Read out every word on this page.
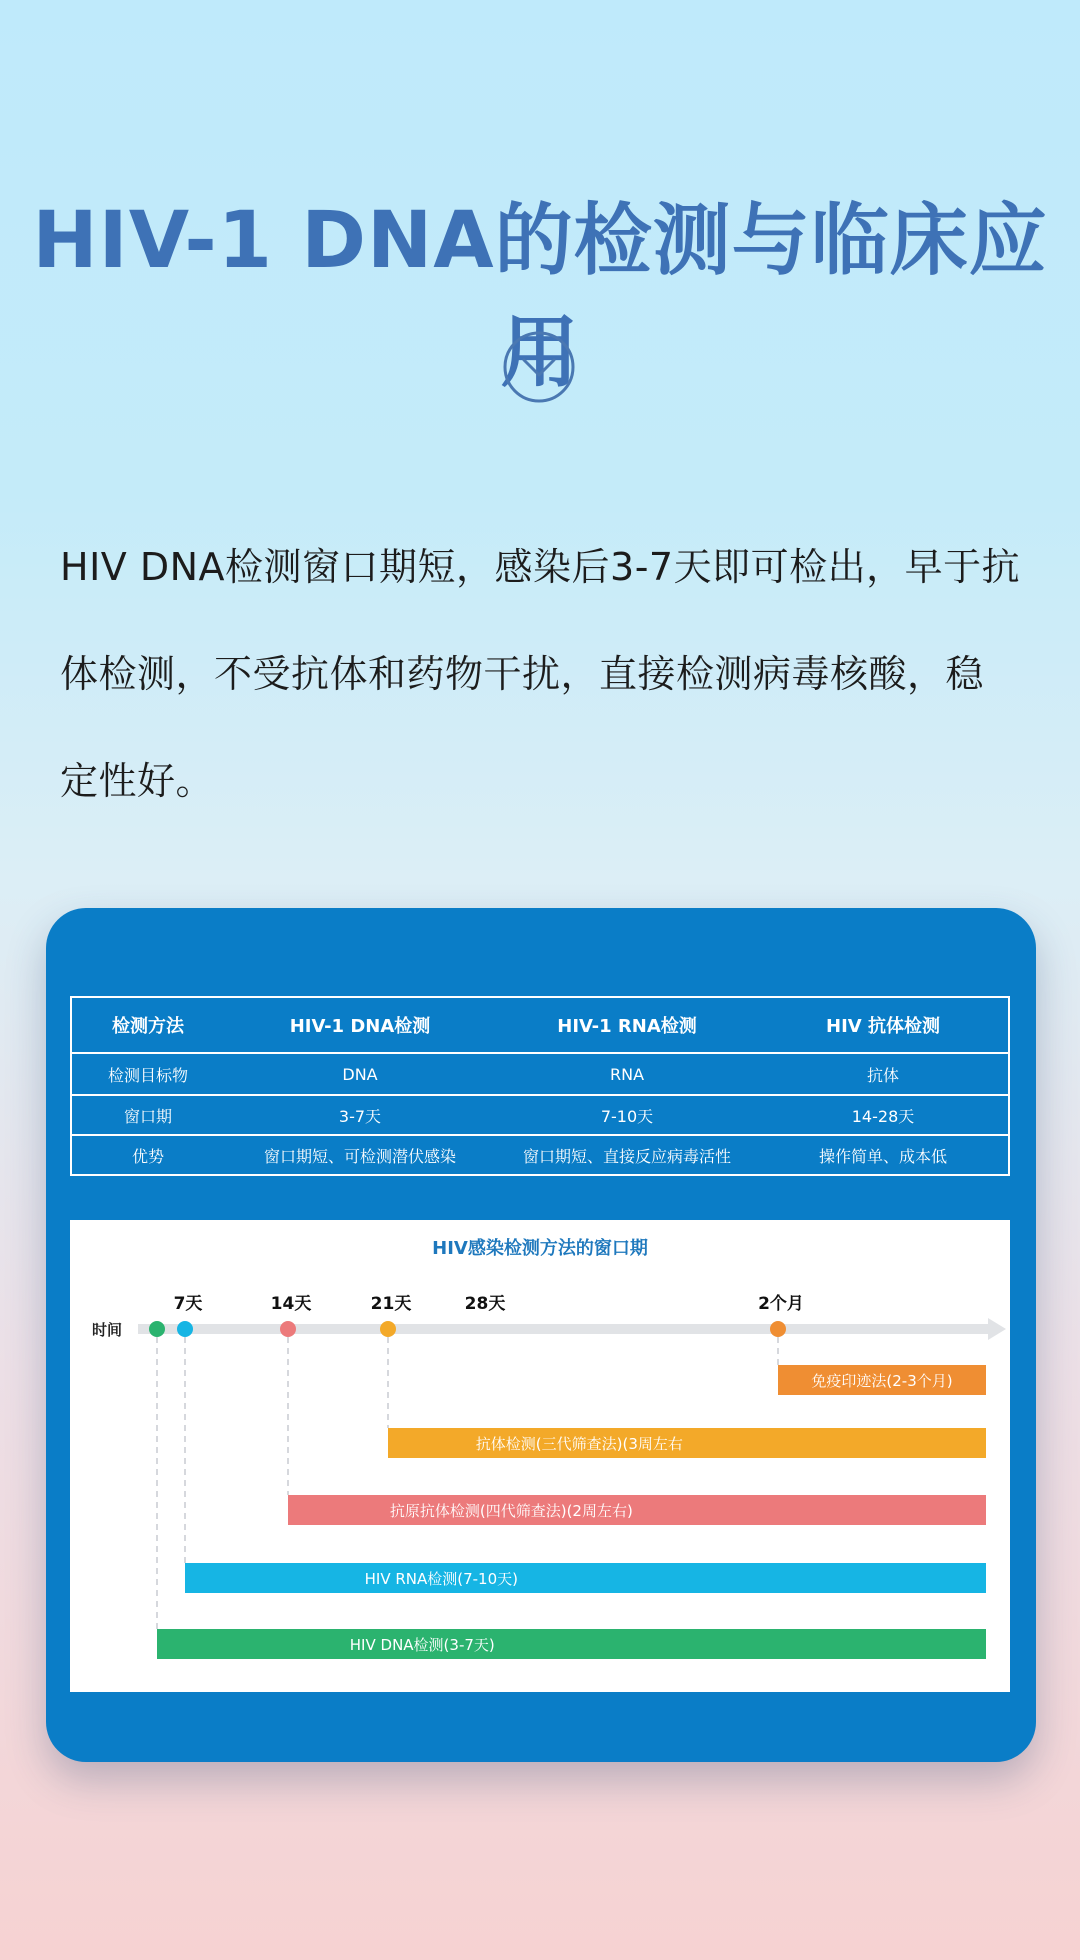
HIV-1 DNA的检测与临床应用
HIV DNA检测窗口期短，感染后3-7天即可检出，早于抗
体检测，不受抗体和药物干扰，直接检测病毒核酸，稳
定性好。
检测方法	HIV-1 DNA检测	HIV-1 RNA检测	HIV 抗体检测
检测目标物	DNA	RNA	抗体
窗口期	3-7天	7-10天	14-28天
优势	窗口期短、可检测潜伏感染	窗口期短、直接反应病毒活性	操作简单、成本低
HIV感染检测方法的窗口期
时间
7天	14天	21天	28天	2个月
免疫印迹法(2-3个月)
抗体检测(三代筛查法)(3周左右
抗原抗体检测(四代筛查法)(2周左右)
HIV RNA检测(7-10天)
HIV DNA检测(3-7天)
